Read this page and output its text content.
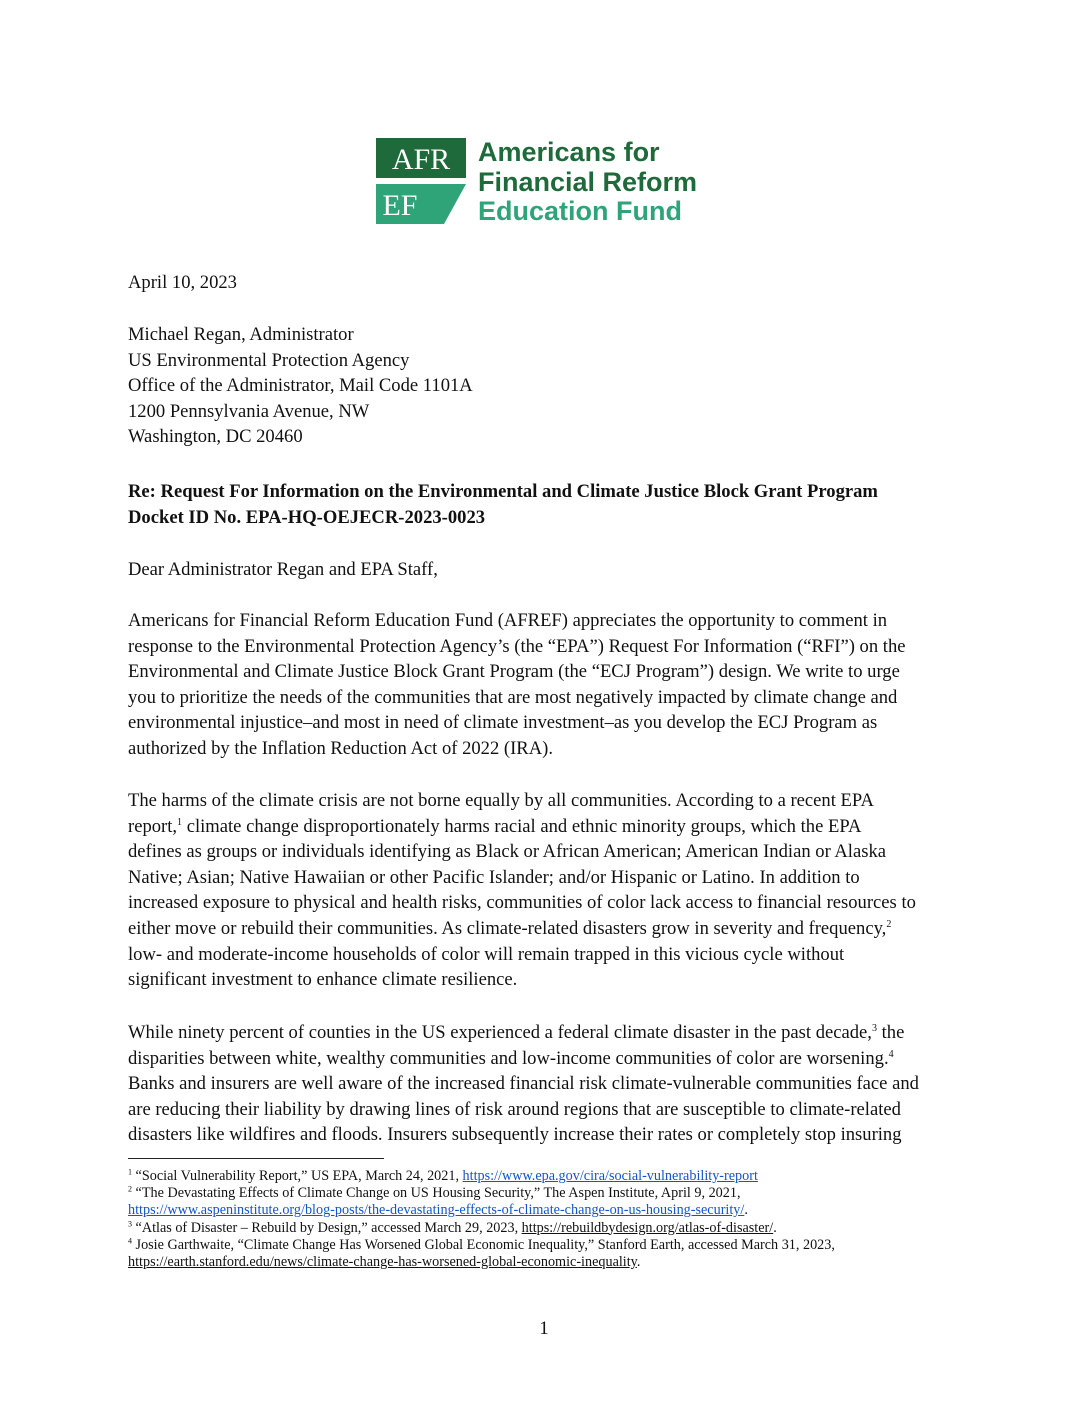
AFR
EF
Americans for
Financial Reform
Education Fund
April 10, 2023
Michael Regan, Administrator
US Environmental Protection Agency
Office of the Administrator, Mail Code 1101A
1200 Pennsylvania Avenue, NW
Washington, DC 20460
Re: Request For Information on the Environmental and Climate Justice Block Grant Program
Docket ID No. EPA-HQ-OEJECR-2023-0023
Dear Administrator Regan and EPA Staff,
Americans for Financial Reform Education Fund (AFREF) appreciates the opportunity to comment in
response to the Environmental Protection Agency’s (the “EPA”) Request For Information (“RFI”) on the
Environmental and Climate Justice Block Grant Program (the “ECJ Program”) design. We write to urge
you to prioritize the needs of the communities that are most negatively impacted by climate change and
environmental injustice–and most in need of climate investment–as you develop the ECJ Program as
authorized by the Inflation Reduction Act of 2022 (IRA).
The harms of the climate crisis are not borne equally by all communities. According to a recent EPA
report,$^1$ climate change disproportionately harms racial and ethnic minority groups, which the EPA
defines as groups or individuals identifying as Black or African American; American Indian or Alaska
Native; Asian; Native Hawaiian or other Pacific Islander; and/or Hispanic or Latino. In addition to
increased exposure to physical and health risks, communities of color lack access to financial resources to
either move or rebuild their communities. As climate-related disasters grow in severity and frequency,$^2$
low- and moderate-income households of color will remain trapped in this vicious cycle without
significant investment to enhance climate resilience.
While ninety percent of counties in the US experienced a federal climate disaster in the past decade,$^3$ the
disparities between white, wealthy communities and low-income communities of color are worsening.$^4$
Banks and insurers are well aware of the increased financial risk climate-vulnerable communities face and
are reducing their liability by drawing lines of risk around regions that are susceptible to climate-related
disasters like wildfires and floods. Insurers subsequently increase their rates or completely stop insuring
$^1$ “Social Vulnerability Report,” US EPA, March 24, 2021, https://www.epa.gov/cira/social-vulnerability-report
$^2$ “The Devastating Effects of Climate Change on US Housing Security,” The Aspen Institute, April 9, 2021,
https://www.aspeninstitute.org/blog-posts/the-devastating-effects-of-climate-change-on-us-housing-security/.
$^3$ “Atlas of Disaster – Rebuild by Design,” accessed March 29, 2023, https://rebuildbydesign.org/atlas-of-disaster/.
$^4$ Josie Garthwaite, “Climate Change Has Worsened Global Economic Inequality,” Stanford Earth, accessed March 31, 2023,
https://earth.stanford.edu/news/climate-change-has-worsened-global-economic-inequality.
1
